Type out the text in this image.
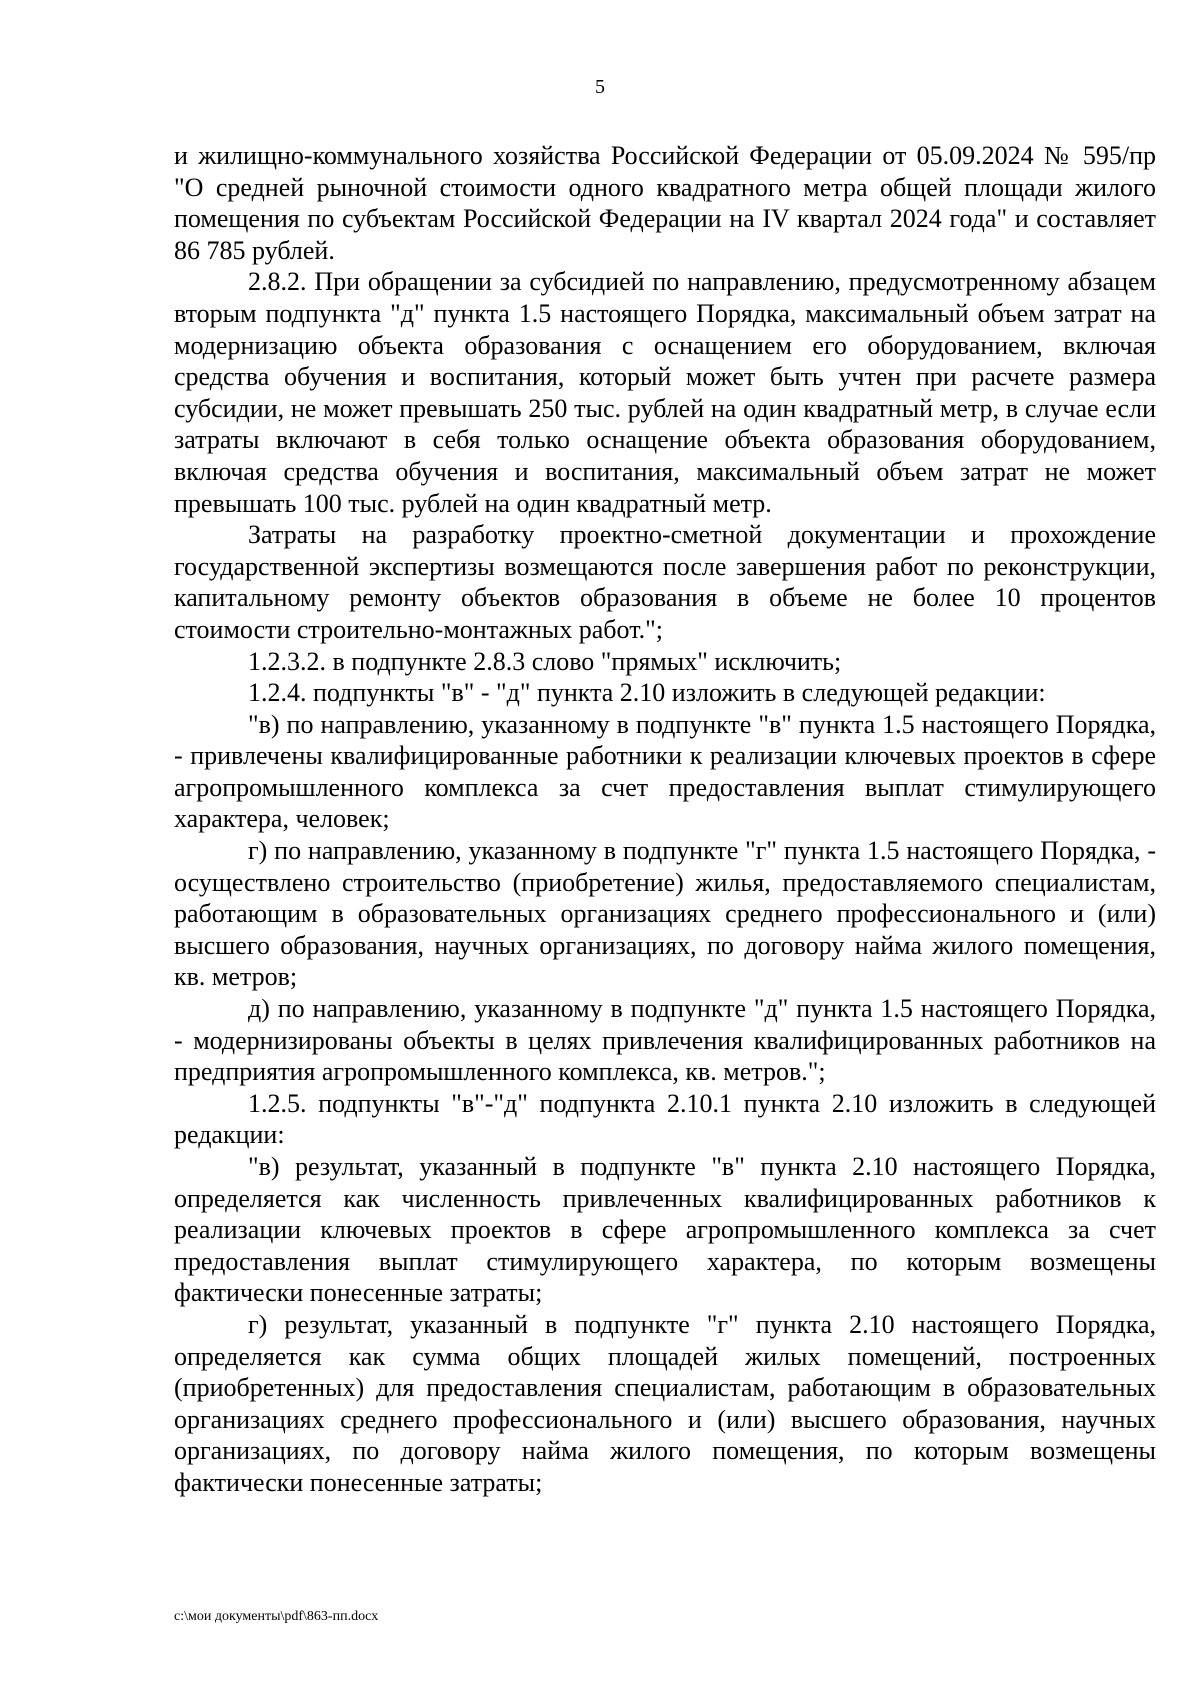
5

и жилищно-коммунального хозяйства Российской Федерации от 05.09.2024 № 595/пр "О средней рыночной стоимости одного квадратного метра общей площади жилого помещения по субъектам Российской Федерации на IV квартал 2024 года" и составляет 86 785 рублей.

2.8.2. При обращении за субсидией по направлению, предусмотренному абзацем вторым подпункта "д" пункта 1.5 настоящего Порядка, максимальный объем затрат на модернизацию объекта образования с оснащением его оборудованием, включая средства обучения и воспитания, который может быть учтен при расчете размера субсидии, не может превышать 250 тыс. рублей на один квадратный метр, в случае если затраты включают в себя только оснащение объекта образования оборудованием, включая средства обучения и воспитания, максимальный объем затрат не может превышать 100 тыс. рублей на один квадратный метр.

Затраты на разработку проектно-сметной документации и прохождение государственной экспертизы возмещаются после завершения работ по реконструкции, капитальному ремонту объектов образования в объеме не более 10 процентов стоимости строительно-монтажных работ.";

1.2.3.2. в подпункте 2.8.3 слово "прямых" исключить;

1.2.4. подпункты "в" - "д" пункта 2.10 изложить в следующей редакции:

"в) по направлению, указанному в подпункте "в" пункта 1.5 настоящего Порядка, - привлечены квалифицированные работники к реализации ключевых проектов в сфере агропромышленного комплекса за счет предоставления выплат стимулирующего характера, человек;

г) по направлению, указанному в подпункте "г" пункта 1.5 настоящего Порядка, - осуществлено строительство (приобретение) жилья, предоставляемого специалистам, работающим в образовательных организациях среднего профессионального и (или) высшего образования, научных организациях, по договору найма жилого помещения, кв. метров;

д) по направлению, указанному в подпункте "д" пункта 1.5 настоящего Порядка, - модернизированы объекты в целях привлечения квалифицированных работников на предприятия агропромышленного комплекса, кв. метров.";

1.2.5. подпункты "в"-"д" подпункта 2.10.1 пункта 2.10 изложить в следующей редакции:

"в) результат, указанный в подпункте "в" пункта 2.10 настоящего Порядка, определяется как численность привлеченных квалифицированных работников к реализации ключевых проектов в сфере агропромышленного комплекса за счет предоставления выплат стимулирующего характера, по которым возмещены фактически понесенные затраты;

г) результат, указанный в подпункте "г" пункта 2.10 настоящего Порядка, определяется как сумма общих площадей жилых помещений, построенных (приобретенных) для предоставления специалистам, работающим в образовательных организациях среднего профессионального и (или) высшего образования, научных организациях, по договору найма жилого помещения, по которым возмещены фактически понесенные затраты;

c:\мои документы\pdf\863-пп.docx
